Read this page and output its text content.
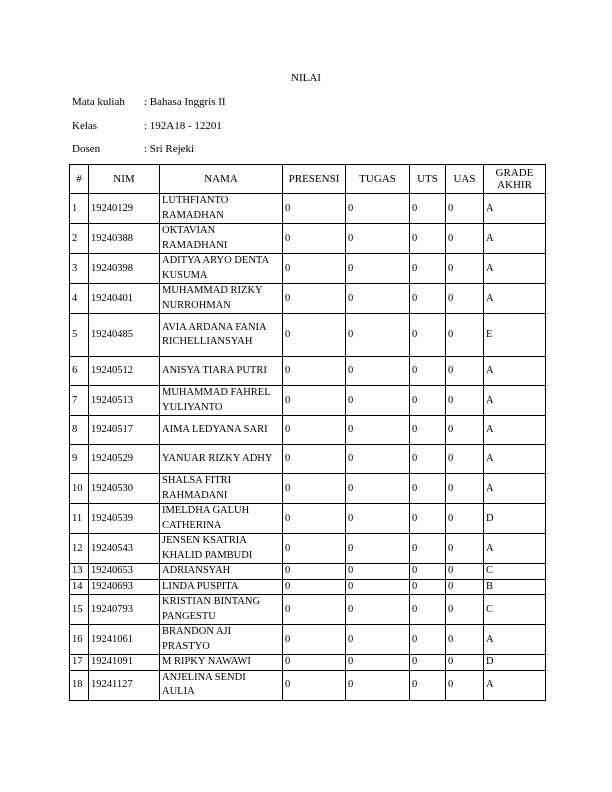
NILAI
Mata kuliah : Bahasa Inggris II
Kelas	: 192A18 - 12201
Dosen	: Sri Rejeki
#	NIM	NAMA	PRESENSI	TUGAS	UTS	UAS	GRADE AKHIR
1	19240129	LUTHFIANTO RAMADHAN	0	0	0	0	A
2	19240388	OKTAVIAN RAMADHANI	0	0	0	0	A
3	19240398	ADITYA ARYO DENTA KUSUMA	0	0	0	0	A
4	19240401	MUHAMMAD RIZKY NURROHMAN	0	0	0	0	A
5	19240485	AVIA ARDANA FANIA RICHELLIANSYAH	0	0	0	0	E
6	19240512	ANISYA TIARA PUTRI	0	0	0	0	A
7	19240513	MUHAMMAD FAHREL YULIYANTO	0	0	0	0	A
8	19240517	AIMA LEDYANA SARI	0	0	0	0	A
9	19240529	YANUAR RIZKY ADHY	0	0	0	0	A
10	19240530	SHALSA FITRI RAHMADANI	0	0	0	0	A
11	19240539	IMELDHA GALUH CATHERINA	0	0	0	0	D
12	19240543	JENSEN KSATRIA KHALID PAMBUDI	0	0	0	0	A
13	19240653	ADRIANSYAH	0	0	0	0	C
14	19240693	LINDA PUSPITA	0	0	0	0	B
15	19240793	KRISTIAN BINTANG PANGESTU	0	0	0	0	C
16	19241061	BRANDON AJI PRASTYO	0	0	0	0	A
17	19241091	M RIPKY NAWAWI	0	0	0	0	D
18	19241127	ANJELINA SENDI AULIA	0	0	0	0	A
